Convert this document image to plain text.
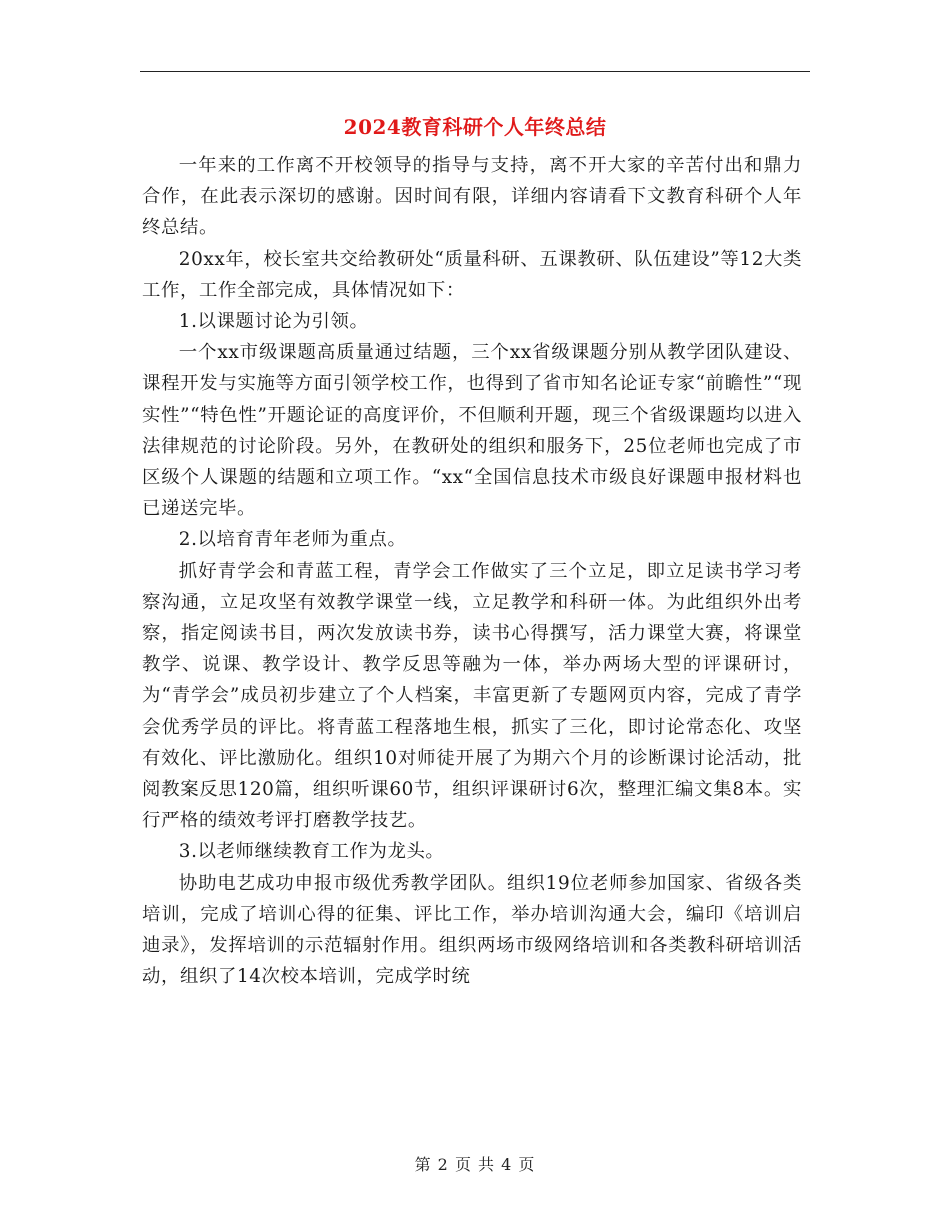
2024教育科研个人年终总结

一年来的工作离不开校领导的指导与支持，离不开大家的辛苦付出和鼎力合作，在此表示深切的感谢。因时间有限，详细内容请看下文教育科研个人年终总结。

20xx年，校长室共交给教研处“质量科研、五课教研、队伍建设”等12大类工作，工作全部完成，具体情况如下：

1.以课题讨论为引领。

一个xx市级课题高质量通过结题，三个xx省级课题分别从教学团队建设、课程开发与实施等方面引领学校工作，也得到了省市知名论证专家“前瞻性”“现实性”“特色性”开题论证的高度评价，不但顺利开题，现三个省级课题均以进入法律规范的讨论阶段。另外，在教研处的组织和服务下，25位老师也完成了市区级个人课题的结题和立项工作。“xx“全国信息技术市级良好课题申报材料也已递送完毕。

2.以培育青年老师为重点。

抓好青学会和青蓝工程，青学会工作做实了三个立足，即立足读书学习考察沟通，立足攻坚有效教学课堂一线，立足教学和科研一体。为此组织外出考察，指定阅读书目，两次发放读书券，读书心得撰写，活力课堂大赛，将课堂教学、说课、教学设计、教学反思等融为一体，举办两场大型的评课研讨，为“青学会”成员初步建立了个人档案，丰富更新了专题网页内容，完成了青学会优秀学员的评比。将青蓝工程落地生根，抓实了三化，即讨论常态化、攻坚有效化、评比激励化。组织10对师徒开展了为期六个月的诊断课讨论活动，批阅教案反思120篇，组织听课60节，组织评课研讨6次，整理汇编文集8本。实行严格的绩效考评打磨教学技艺。

3.以老师继续教育工作为龙头。

协助电艺成功申报市级优秀教学团队。组织19位老师参加国家、省级各类培训，完成了培训心得的征集、评比工作，举办培训沟通大会，编印《培训启迪录》，发挥培训的示范辐射作用。组织两场市级网络培训和各类教科研培训活动，组织了14次校本培训，完成学时统

第 2 页 共 4 页
